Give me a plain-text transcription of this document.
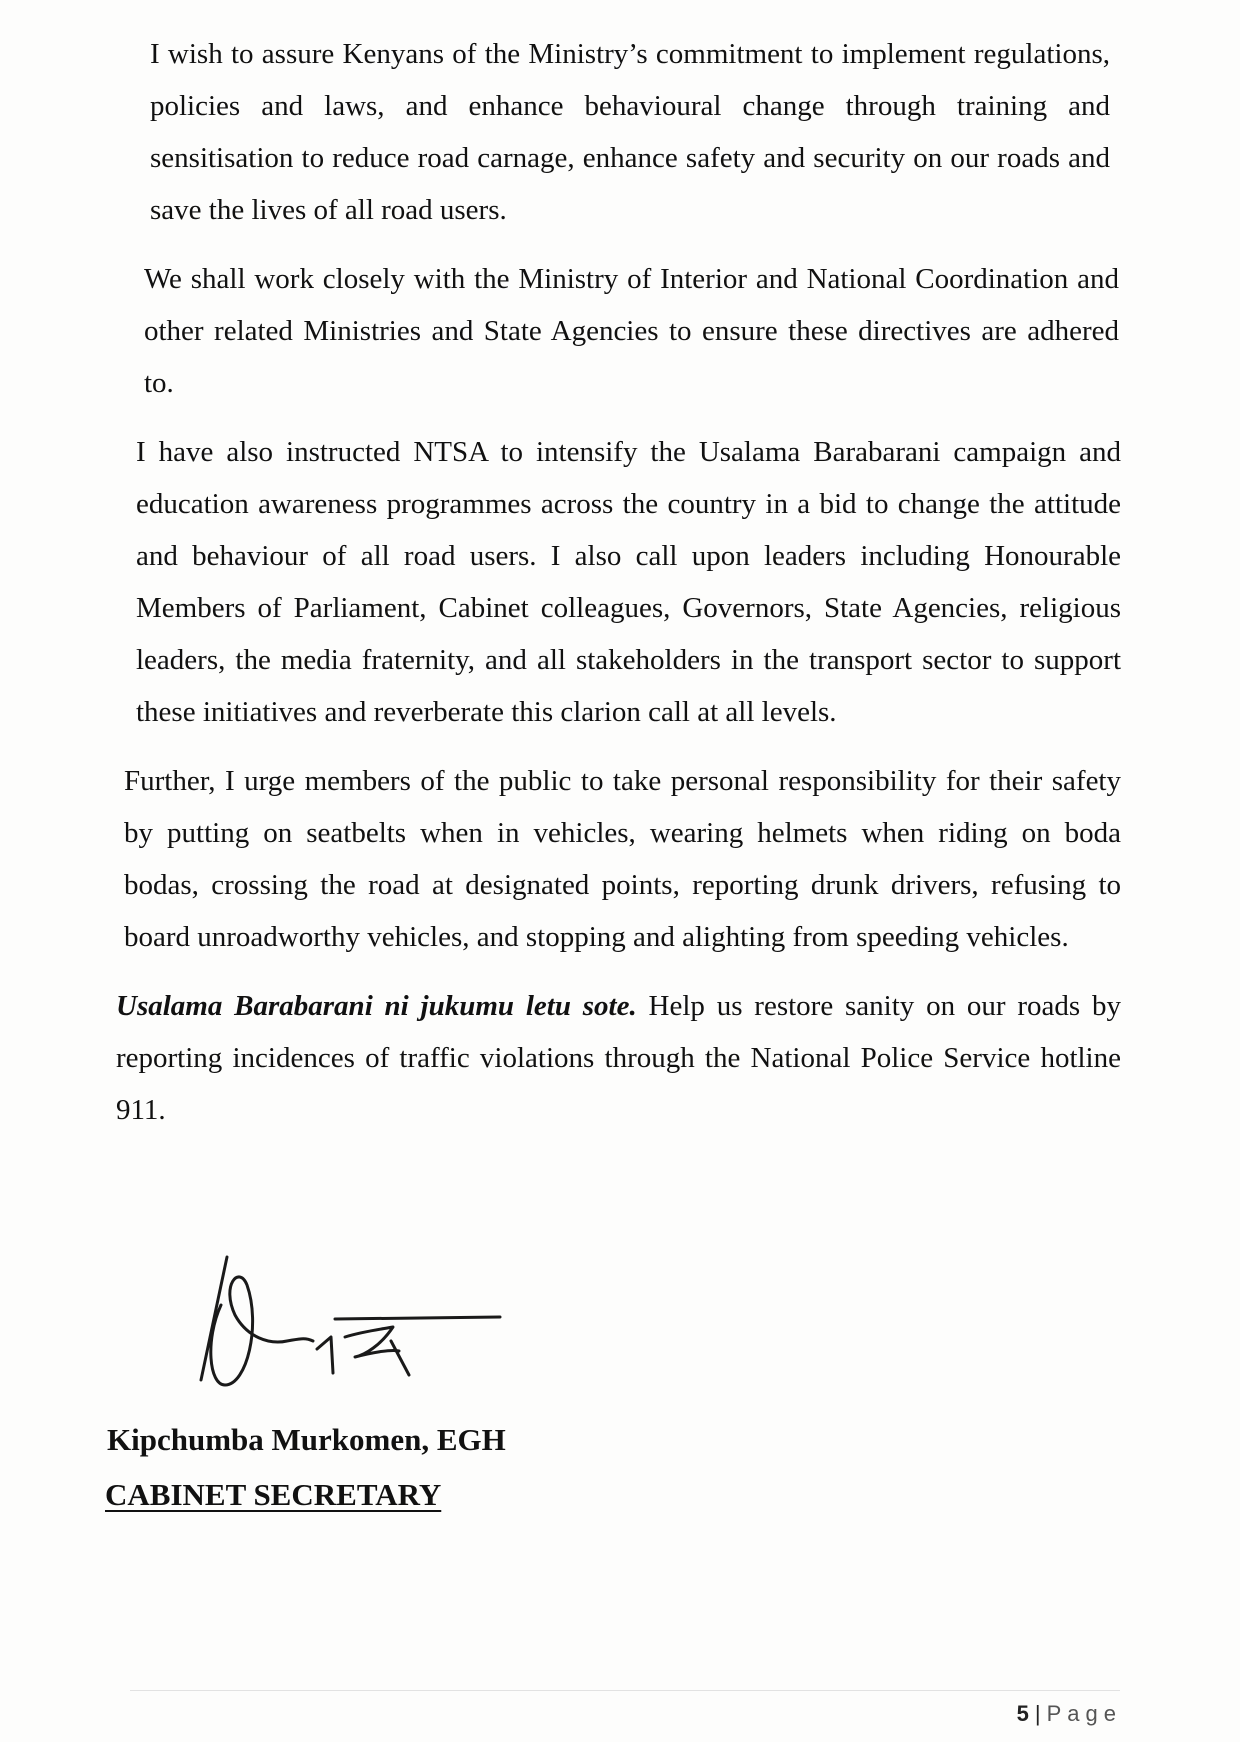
I wish to assure Kenyans of the Ministry’s commitment to implement regulations, policies and laws, and enhance behavioural change through training and sensitisation to reduce road carnage, enhance safety and security on our roads and save the lives of all road users.

We shall work closely with the Ministry of Interior and National Coordination and other related Ministries and State Agencies to ensure these directives are adhered to.

I have also instructed NTSA to intensify the Usalama Barabarani campaign and education awareness programmes across the country in a bid to change the attitude and behaviour of all road users. I also call upon leaders including Honourable Members of Parliament, Cabinet colleagues, Governors, State Agencies, religious leaders, the media fraternity, and all stakeholders in the transport sector to support these initiatives and reverberate this clarion call at all levels.

Further, I urge members of the public to take personal responsibility for their safety by putting on seatbelts when in vehicles, wearing helmets when riding on boda bodas, crossing the road at designated points, reporting drunk drivers, refusing to board unroadworthy vehicles, and stopping and alighting from speeding vehicles.

Usalama Barabarani ni jukumu letu sote. Help us restore sanity on our roads by reporting incidences of traffic violations through the National Police Service hotline 911.

Kipchumba Murkomen, EGH
CABINET SECRETARY
5 | Page
